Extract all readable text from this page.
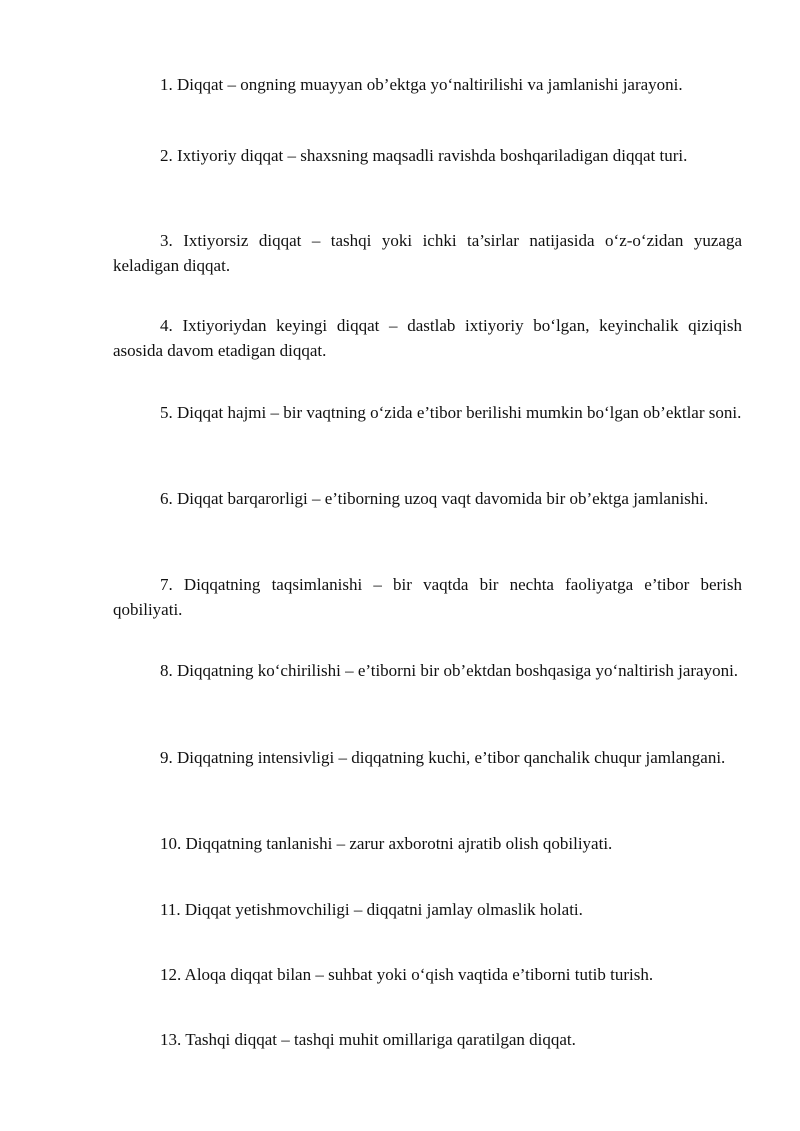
1. Diqqat – ongning muayyan ob’ektga yo‘naltirilishi va jamlanishi jarayoni.

2. Ixtiyoriy diqqat – shaxsning maqsadli ravishda boshqariladigan diqqat turi.

3. Ixtiyorsiz diqqat – tashqi yoki ichki ta’sirlar natijasida o‘z-o‘zidan yuzaga keladigan diqqat.

4. Ixtiyoriydan keyingi diqqat – dastlab ixtiyoriy bo‘lgan, keyinchalik qiziqish asosida davom etadigan diqqat.

5. Diqqat hajmi – bir vaqtning o‘zida e’tibor berilishi mumkin bo‘lgan ob’ektlar soni.

6. Diqqat barqarorligi – e’tiborning uzoq vaqt davomida bir ob’ektga jamlanishi.

7. Diqqatning taqsimlanishi – bir vaqtda bir nechta faoliyatga e’tibor berish qobiliyati.

8. Diqqatning ko‘chirilishi – e’tiborni bir ob’ektdan boshqasiga yo‘naltirish jarayoni.

9. Diqqatning intensivligi – diqqatning kuchi, e’tibor qanchalik chuqur jamlangani.

10. Diqqatning tanlanishi – zarur axborotni ajratib olish qobiliyati.

11. Diqqat yetishmovchiligi – diqqatni jamlay olmaslik holati.

12. Aloqa diqqat bilan – suhbat yoki o‘qish vaqtida e’tiborni tutib turish.

13. Tashqi diqqat – tashqi muhit omillariga qaratilgan diqqat.
